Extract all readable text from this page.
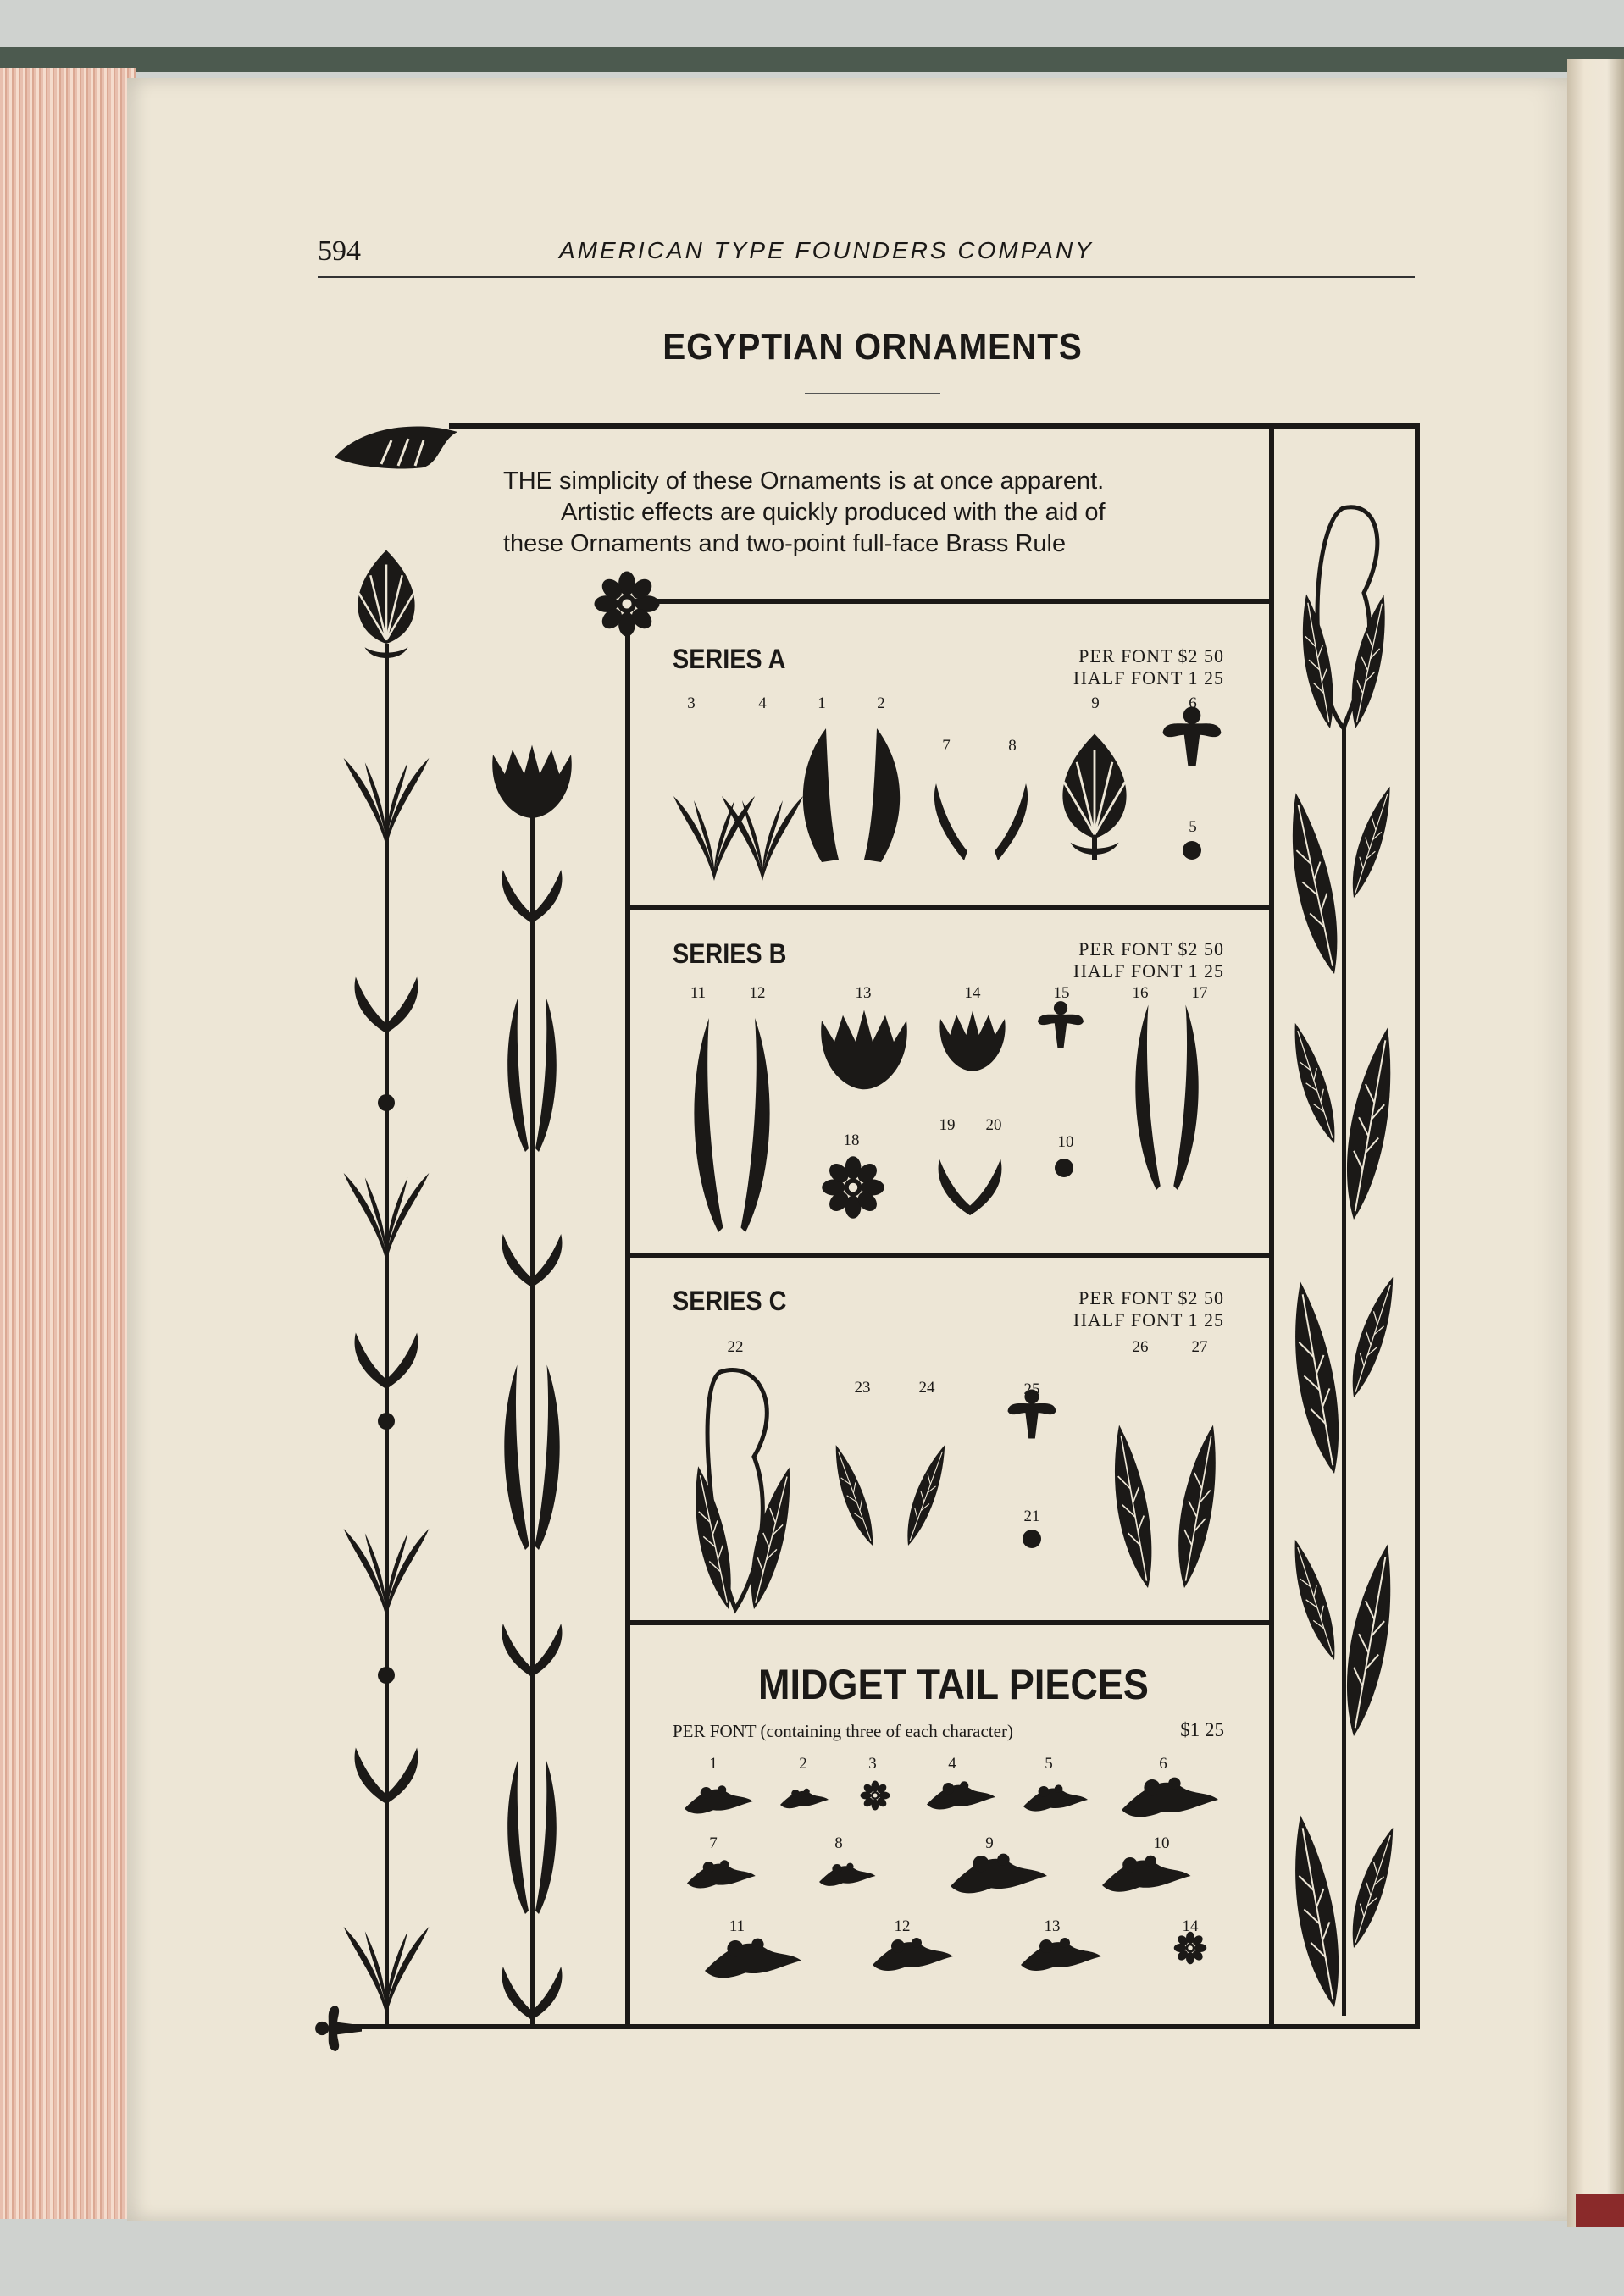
594	AMERICAN TYPE FOUNDERS COMPANY
EGYPTIAN ORNAMENTS
THE simplicity of these Ornaments is at once apparent.
Artistic effects are quickly produced with the aid of
these Ornaments and two-point full-face Brass Rule
SERIES A	PER FONT $2 50
HALF FONT 1 25
3	4	1	2
7	8
9	6
5
SERIES B	PER FONT $2 50
HALF FONT 1 25
11	12	13	14	15	16	17
18
19	20
10
SERIES C	PER FONT $2 50
HALF FONT 1 25
22
23	24	25
26	27
21
MIDGET TAIL PIECES
PER FONT (containing three of each character)	$1 25
1	2	3	4	5	6
7	8	9	10
11	12	13	14
